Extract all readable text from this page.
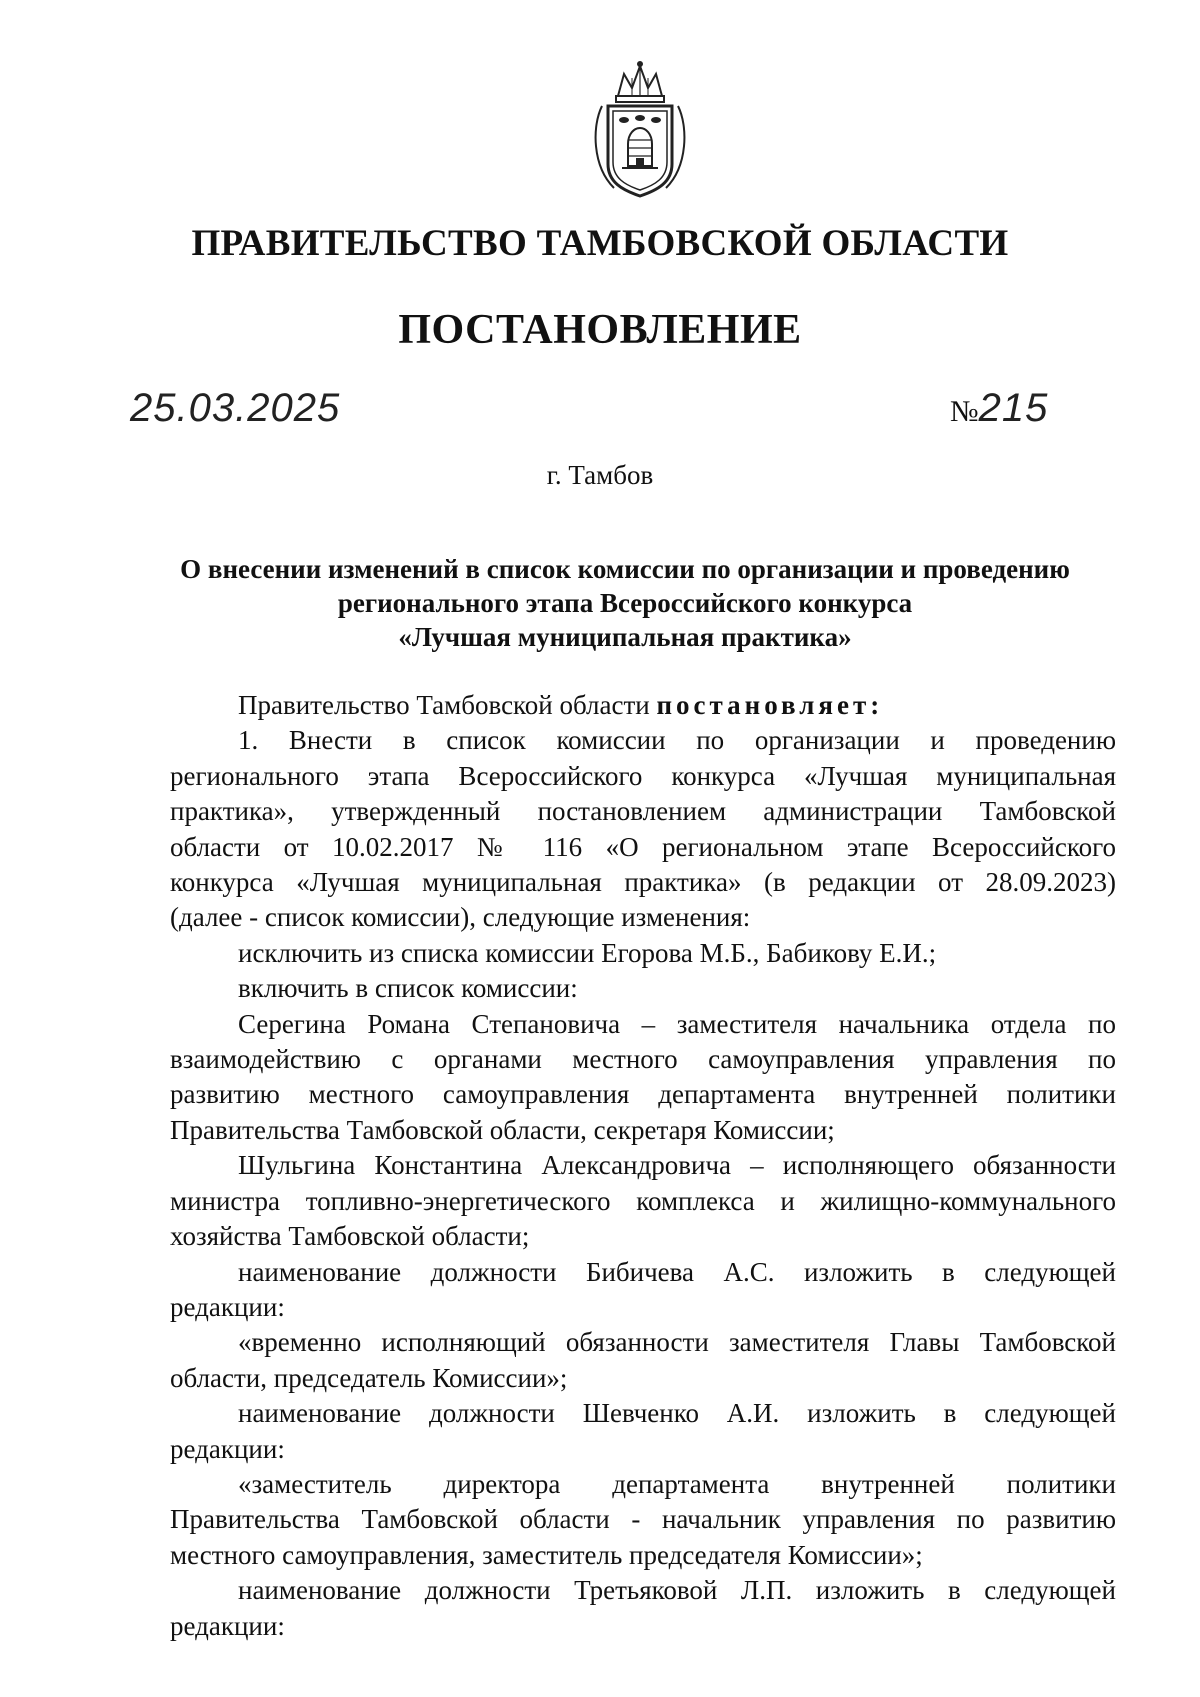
ПРАВИТЕЛЬСТВО ТАМБОВСКОЙ ОБЛАСТИ
ПОСТАНОВЛЕНИЕ
25.03.2025	№215
г. Тамбов
О внесении изменений в список комиссии по организации и проведению
регионального этапа Всероссийского конкурса
«Лучшая муниципальная практика»
Правительство Тамбовской области постановляет:
1. Внести в список комиссии по организации и проведению
регионального этапа Всероссийского конкурса «Лучшая муниципальная
практика», утвержденный постановлением администрации Тамбовской
области от 10.02.2017 № 116 «О региональном этапе Всероссийского
конкурса «Лучшая муниципальная практика» (в редакции от 28.09.2023)
(далее - список комиссии), следующие изменения:
исключить из списка комиссии Егорова М.Б., Бабикову Е.И.;
включить в список комиссии:
Серегина Романа Степановича – заместителя начальника отдела по
взаимодействию с органами местного самоуправления управления по
развитию местного самоуправления департамента внутренней политики
Правительства Тамбовской области, секретаря Комиссии;
Шульгина Константина Александровича – исполняющего обязанности
министра топливно-энергетического комплекса и жилищно-коммунального
хозяйства Тамбовской области;
наименование должности Бибичева А.С. изложить в следующей
редакции:
«временно исполняющий обязанности заместителя Главы Тамбовской
области, председатель Комиссии»;
наименование должности Шевченко А.И. изложить в следующей
редакции:
«заместитель директора департамента внутренней политики
Правительства Тамбовской области - начальник управления по развитию
местного самоуправления, заместитель председателя Комиссии»;
наименование должности Третьяковой Л.П. изложить в следующей
редакции:
